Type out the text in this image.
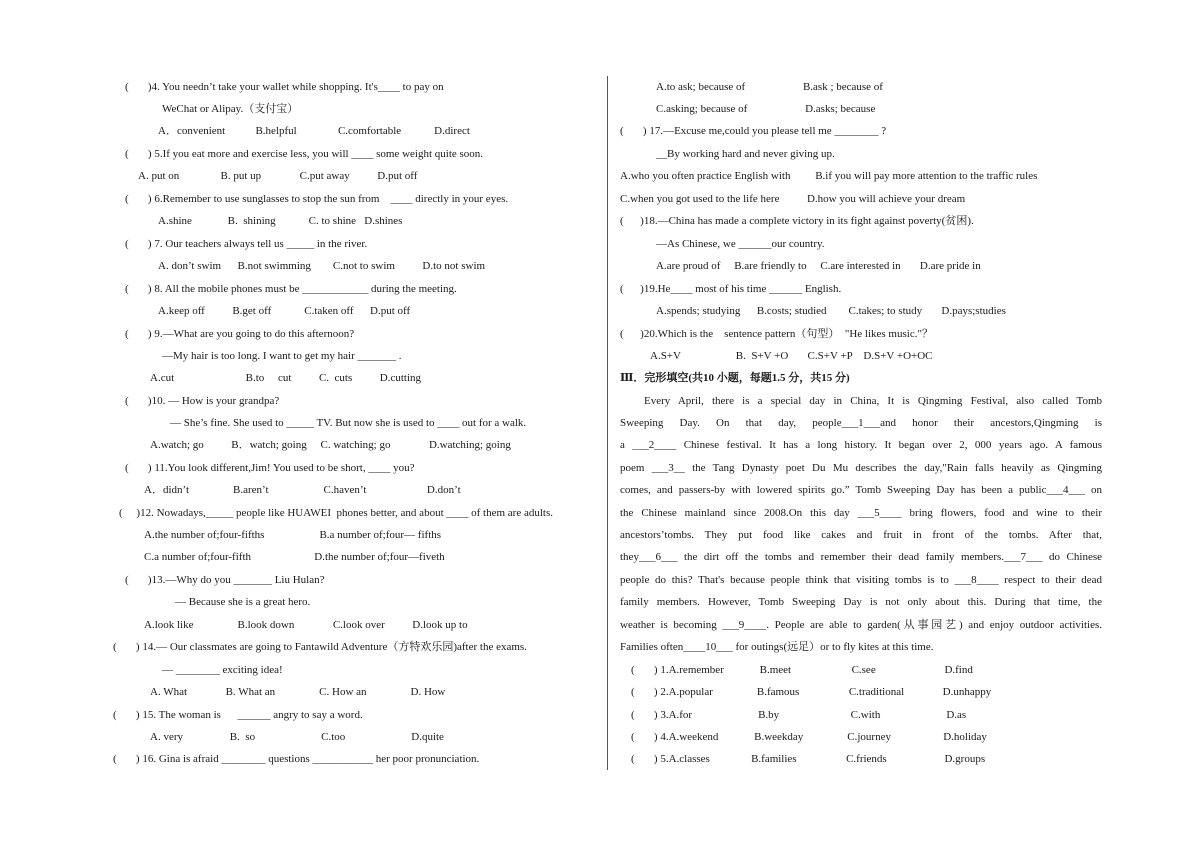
(       )4. You needn’t take your wallet while shopping. It's____ to pay on
WeChat or Alipay.（支付宝）
A．convenient           B.helpful               C.comfortable            D.direct
(       ) 5.If you eat more and exercise less, you will ____ some weight quite soon.
A. put on               B. put up              C.put away          D.put off
(       ) 6.Remember to use sunglasses to stop the sun from    ____ directly in your eyes.
A.shine             B.  shining            C. to shine   D.shines
(       ) 7. Our teachers always tell us _____ in the river.
A. don’t swim      B.not swimming        C.not to swim          D.to not swim
(       ) 8. All the mobile phones must be ____________ during the meeting.
A.keep off          B.get off            C.taken off      D.put off
(       ) 9.—What are you going to do this afternoon?
—My hair is too long. I want to get my hair _______ .
A.cut                          B.to     cut          C.  cuts          D.cutting
(       )10. — How is your grandpa?
— She’s fine. She used to _____ TV. But now she is used to ____ out for a walk.
A.watch; go          B．watch; going     C. watching; go              D.watching; going
(       ) 11.You look different,Jim! You used to be short, ____ you?
A．didn’t                B.aren’t                    C.haven’t                      D.don’t
(     )12. Nowadays,_____ people like HUAWEI  phones better, and about ____ of them are adults.
A.the number of;four-fifths                    B.a number of;four— fifths
C.a number of;four-fifth                       D.the number of;four—fiveth
(       )13.—Why do you _______ Liu Hulan?
— Because she is a great hero.
A.look like                B.look down              C.look over          D.look up to
(       ) 14.— Our classmates are going to Fantawild Adventure（方特欢乐园)after the exams.
— ________ exciting idea!
A. What              B. What an                C. How an                D. How
(       ) 15. The woman is      ______ angry to say a word.
A. very                 B.  so                        C.too                        D.quite
(       ) 16. Gina is afraid ________ questions ___________ her poor pronunciation.
A.to ask; because of                     B.ask ; because of
C.asking; because of                     D.asks; because
(       ) 17.—Excuse me,could you please tell me ________ ?
__By working hard and never giving up.
A.who you often practice English with         B.if you will pay more attention to the traffic rules
C.when you got used to the life here          D.how you will achieve your dream
(      )18.—China has made a complete victory in its fight against poverty(贫困).
—As Chinese, we ______our country.
A.are proud of     B.are friendly to     C.are interested in       D.are pride in
(      )19.He____ most of his time ______ English.
A.spends; studying      B.costs; studied        C.takes; to study       D.pays;studies
(      )20.Which is the    sentence pattern（句型）  "He likes music."？
A.S+V                    B.  S+V +O       C.S+V +P    D.S+V +O+OC
Ⅲ．完形填空(共10 小题，每题1.5 分，共15 分)
Every April, there is a special day in China, It is Qingming Festival, also called Tomb
Sweeping Day. On that day, people___1___and honor their ancestors,Qingming is
a ___2____ Chinese festival. It has a long history. It began over 2, 000 years ago. A famous
poem ___3__ the Tang Dynasty poet Du Mu describes the day,"Rain falls heavily as Qingming
comes, and passers-by with lowered spirits go.” Tomb Sweeping Day has been a public___4___ on
the Chinese mainland since 2008.On this day ___5____ bring flowers, food and wine to their
ancestors’tombs. They put food like cakes and fruit in front of the tombs. After that,
they___6___ the dirt off the tombs and remember their dead family members.___7___ do Chinese
people do this? That's because people think that visiting tombs is to ___8____ respect to their dead
family members. However, Tomb Sweeping Day is not only about this. During that time, the
weather is becoming ___9____. People are able to garden(从事园艺) and enjoy outdoor activities.
Families often____10___ for outings(远足）or to fly kites at this time.
(       ) 1.A.remember             B.meet                      C.see                         D.find
(       ) 2.A.popular                B.famous                  C.traditional              D.unhappy
(       ) 3.A.for                        B.by                          C.with                        D.as
(       ) 4.A.weekend             B.weekday                C.journey                   D.holiday
(       ) 5.A.classes               B.families                  C.friends                     D.groups
